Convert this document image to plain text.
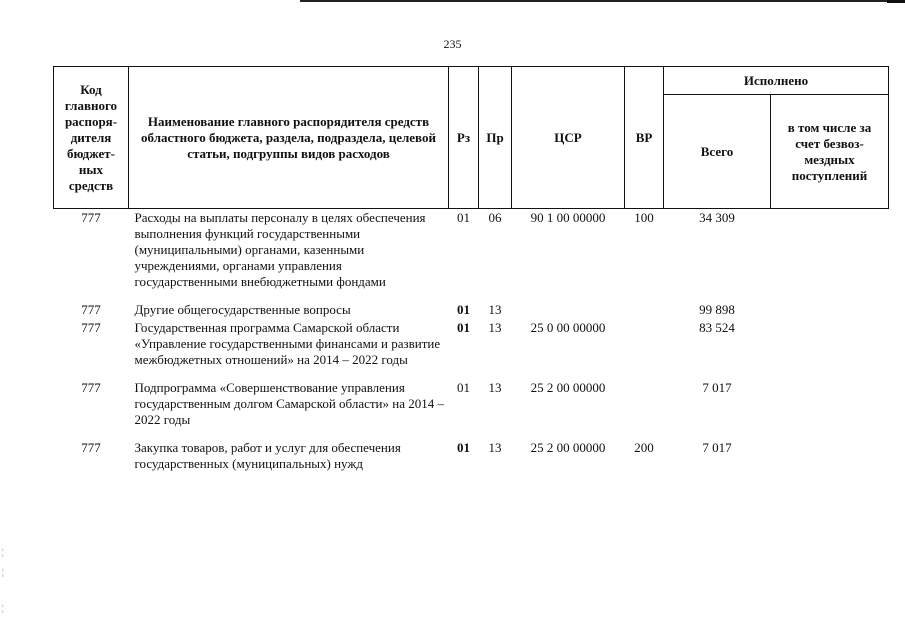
235
¦
¦
¦
Код главного распоря-дителя бюджет-ных средств	Наименование главного распорядителя средств областного бюджета, раздела, подраздела, целевой статьи, подгруппы видов расходов	Рз	Пр	ЦСР	ВР	Исполнено	
						Всего	в том числе за счет безвоз-мездных поступлений
777	Расходы на выплаты персоналу в целях обеспечения выполнения функций государственными (муниципальными) органами, казенными учреждениями, органами управления государственными внебюджетными фондами	01	06	90 1 00 00000	100	34 309	

777	Другие общегосударственные вопросы	01	13			99 898	
777	Государственная программа Самарской области «Управление государственными финансами и развитие межбюджетных отношений» на 2014 – 2022 годы	01	13	25 0 00 00000		83 524	

777	Подпрограмма «Совершенствование управления государственным долгом Самарской области» на 2014 – 2022 годы	01	13	25 2 00 00000		7 017	

777	Закупка товаров, работ и услуг для обеспечения государственных (муниципальных) нужд	01	13	25 2 00 00000	200	7 017	
